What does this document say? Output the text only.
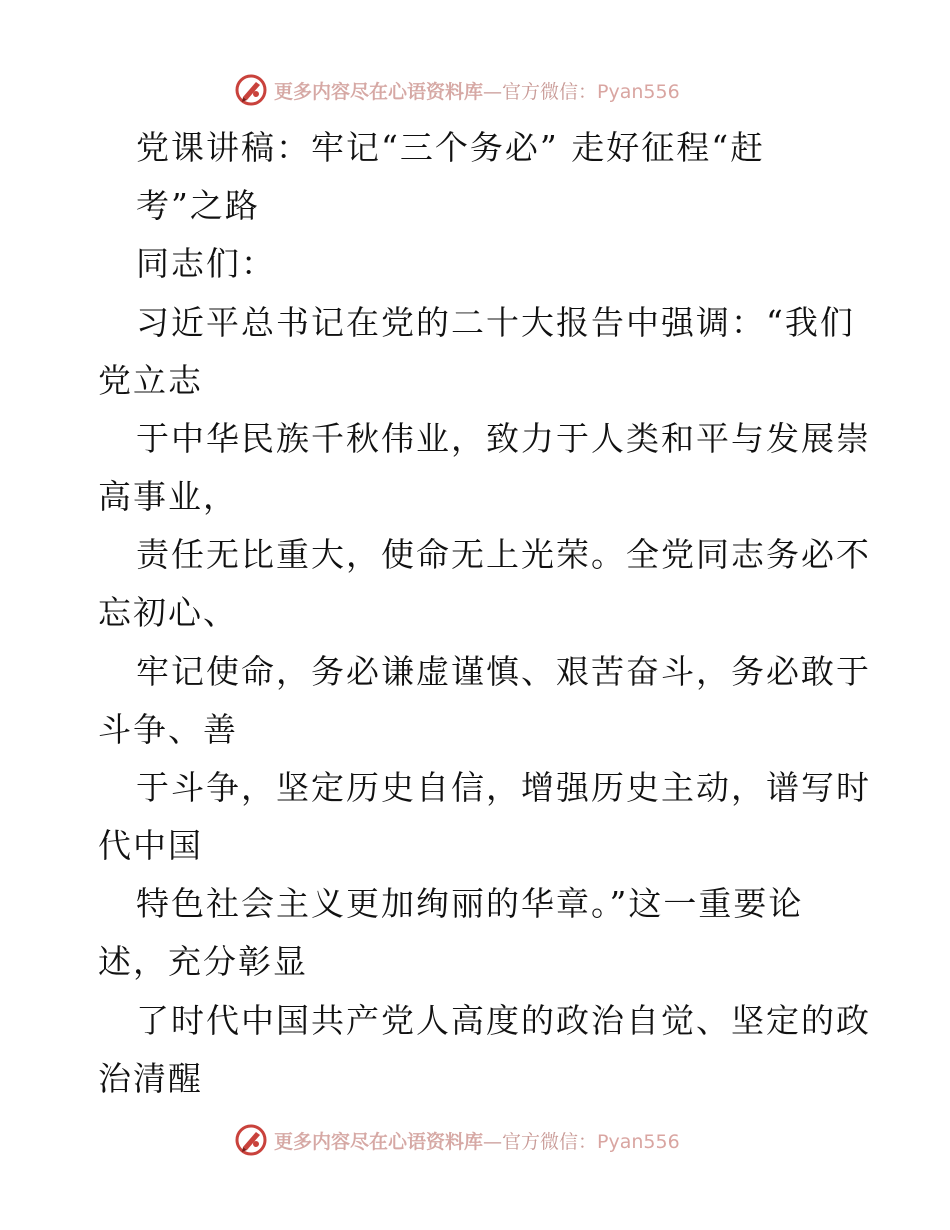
更多内容尽在心语资料库—官方微信：Pyan556
党课讲稿：牢记“三个务必” 走好征程“赶
考”之路
同志们：
习近平总书记在党的二十大报告中强调：“我们
党立志
于中华民族千秋伟业，致力于人类和平与发展崇
高事业，
责任无比重大，使命无上光荣。全党同志务必不
忘初心、
牢记使命，务必谦虚谨慎、艰苦奋斗，务必敢于
斗争、善
于斗争，坚定历史自信，增强历史主动，谱写时
代中国
特色社会主义更加绚丽的华章。”这一重要论
述，充分彰显
了时代中国共产党人高度的政治自觉、坚定的政
治清醒
更多内容尽在心语资料库—官方微信：Pyan556
